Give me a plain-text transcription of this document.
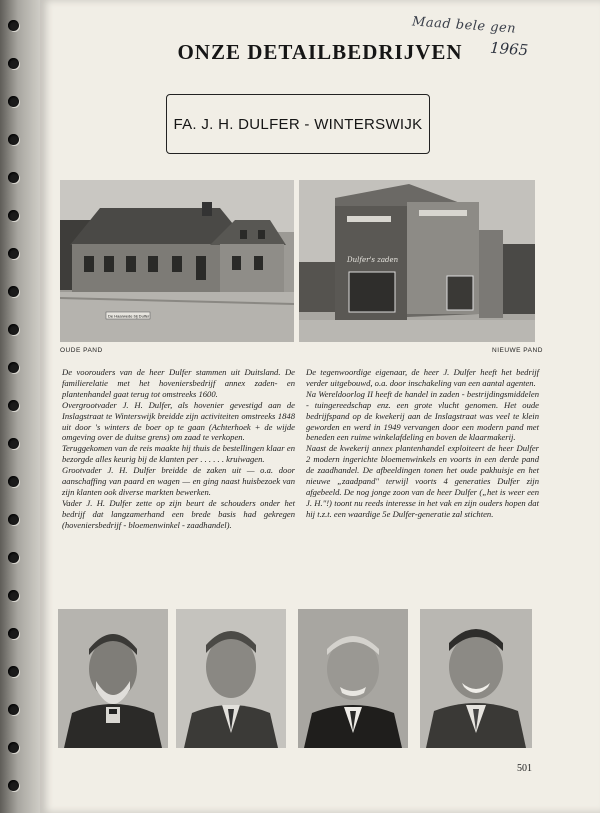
Maad bele gen
1965
ONZE DETAILBEDRIJVEN
FA. J. H. DULFER - WINTERSWIJK
De Haarwede bij Dulfer
OUDE PAND
Dulfer's zaden
NIEUWE PAND

De voorouders van de heer Dulfer stammen uit Duitsland. De familierelatie met het hoveniersbedrijf annex zaden- en plantenhandel gaat terug tot omstreeks 1600.

Overgrootvader J. H. Dulfer, als hovenier gevestigd aan de Inslagstraat te Winterswijk breidde zijn activiteiten omstreeks 1848 uit door 's winters de boer op te gaan (Achterhoek + de wijde omgeving over de duitse grens) om zaad te verkopen.

Teruggekomen van de reis maakte hij thuis de bestellingen klaar en bezorgde alles keurig bij de klanten per . . . . . . kruiwagen.

Grootvader J. H. Dulfer breidde de zaken uit — o.a. door aanschaffing van paard en wagen — en ging naast huisbezoek van zijn klanten ook diverse markten bewerken.

Vader J. H. Dulfer zette op zijn beurt de schouders onder het bedrijf dat langzamerhand een brede basis had gekregen (hoveniersbedrijf - bloemenwinkel - zaadhandel).

De tegenwoordige eigenaar, de heer J. Dulfer heeft het bedrijf verder uitgebouwd, o.a. door inschakeling van een aantal agenten.

Na Wereldoorlog II heeft de handel in zaden - bestrijdingsmiddelen - tuingereedschap enz. een grote vlucht genomen. Het oude bedrijfspand op de kwekerij aan de Inslagstraat was veel te klein geworden en werd in 1949 vervangen door een modern pand met beneden een ruime winkelafdeling en boven de klaarmakerij.

Naast de kwekerij annex plantenhandel exploiteert de heer Dulfer 2 modern ingerichte bloemenwinkels en voorts in een derde pand de zaadhandel. De afbeeldingen tonen het oude pakhuisje en het nieuwe „zaadpand" terwijl voorts 4 generaties Dulfer zijn afgebeeld. De nog jonge zoon van de heer Dulfer („het is weer een J. H."!) toont nu reeds interesse in het vak en zijn ouders hopen dat hij t.z.t. een waardige 5e Dulfer-generatie zal stichten.

501
